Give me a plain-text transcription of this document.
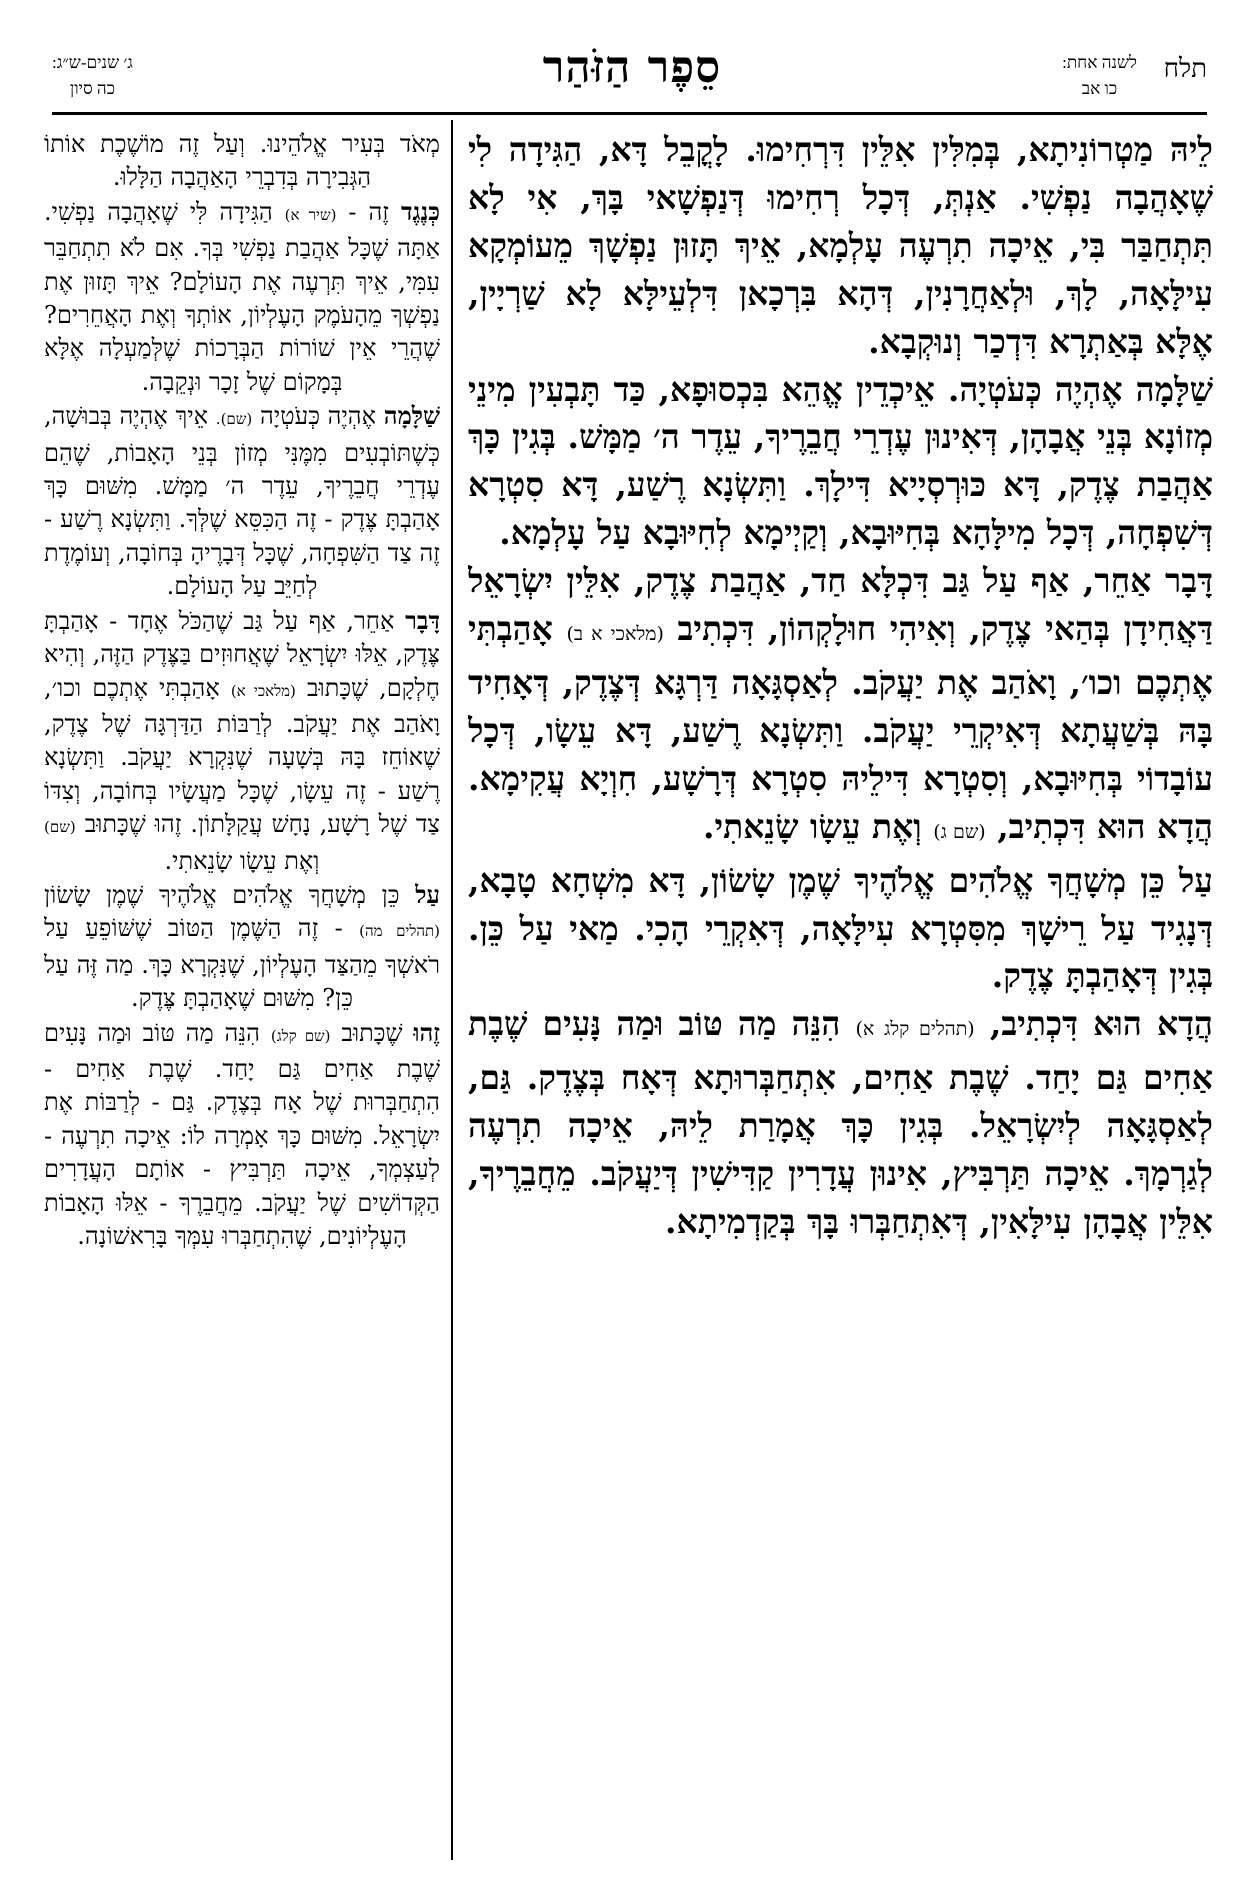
תלח
לשנה אחת:
כו אב
סֵפֶר הַזֹּהַר
ג׳ שנים-ש״ג:
כה סיון

לֵיהּ מַטְרוֹנִיתָא, בְּמִלִּין אִלֵּין דִּרְחִימוּ. לָקֳבֵל דָּא, הַגִּידָה לִי שֶׁאָהֲבָה נַפְשִׁי. אַנְתְּ, דְּכָל רְחִימוּ דְּנַפְשָׁאי בָּךְ, אִי לָא תִּתְחַבַּר בִּי, אֵיכָה תִרְעֶה עָלְמָא, אֵיךְ תָּזוּן נַפְשָׁךְ מֵעוֹמְקָא עִילָּאָה, לָךְ, וּלְאַחֲרָנִין, דְּהָא בִּרְכָאן דִּלְעֵילָּא לָא שַׁרְיָין, אֶלָּא בְּאַתְרָא דִּדְכַר וְנוּקְבָא.

שַׁלָּמָה אֶהְיֶה כְּעֹטְיָה. אֵיכְדֵין אֱהֵא בִּכְסוּפָא, כַּד תָּבְעִין מִינֵי מְזוֹנָא בְּנֵי אֲבָהָן, דְּאִינוּן עֶדְרֵי חֲבֵרֶיךָ, עֵדֶר ה׳ מַמָּשׁ. בְּגִין כָּךְ אַהֲבַת צֶדֶק, דָּא כּוּרְסְיָיא דִּילָךְ. וַתִּשְׂנָא רֶשַׁע, דָּא סִטְרָא דְּשִׁפְחָה, דְּכָל מִילָּהָא בְּחִיּוּבָא, וְקַיְימָא לְחִיּוּבָא עַל עָלְמָא.

דָּבָר אַחֵר, אַף עַל גַּב דִּכְלָּא חַד, אַהֲבַת צֶדֶק, אִלֵּין יִשְׂרָאֵל דַּאֲחִידָן בְּהַאי צֶדֶק, וְאִיהִי חוּלָקְהוֹן, דִּכְתִיב (מלאכי א ב) אָהַבְתִּי אֶתְכֶם וכו׳, וָאֹהַב אֶת יַעֲקֹב. לְאַסְגָּאָה דַּרְגָּא דְּצֶדֶק, דְּאָחִיד בָּהּ בְּשַׁעֲתָא דְּאִיקְרֵי יַעֲקֹב. וַתִּשְׂנָא רֶשַׁע, דָּא עֵשָׂו, דְּכָל עוֹבָדוֹי בְּחִיּוּבָא, וְסִטְרָא דִּילֵיהּ סִטְרָא דְּרָשָׁע, חִוְיָא עֲקִימָא. הֲדָא הוּא דִּכְתִיב, (שם ג) וְאֶת עֵשָׂו שָׂנֵאתִי.

עַל כֵּן מְשָׁחֲךָ אֱלֹהִים אֱלֹהֶיךָ שֶׁמֶן שָׂשׂוֹן, דָּא מִשְׁחָא טָבָא, דְּנָגִיד עַל רֵישָׁךְ מִסִּטְרָא עִילָּאָה, דְּאִקְרֵי הָכִי. מַאי עַל כֵּן. בְּגִין דְּאָהַבְתָּ צֶדֶק.

הֲדָא הוּא דִּכְתִיב, (תהלים קלג א) הִנֵּה מַה טּוֹב וּמַה נָּעִים שֶׁבֶת אַחִים גַּם יָחַד. שֶׁבֶת אַחִים, אִתְחַבְּרוּתָא דְּאָח בְּצֶדֶק. גַּם, לְאַסְגָּאָה לְיִשְׂרָאֵל. בְּגִין כָּךְ אֲמָרַת לֵיהּ, אֵיכָה תִרְעֶה לְגַרְמָךְ. אֵיכָה תַּרְבִּיץ, אִינוּן עֲדָרִין קַדִּישִׁין דְּיַעֲקֹב. מֵחֲבֵרֶיךָ, אִלֵּין אֲבָהָן עִילָּאִין, דְּאִתְחַבְּרוּ בָּךְ בְּקַדְמִיתָא.

מְאֹד בְּעִיר אֱלֹהֵינוּ. וְעַל זֶה מוֹשֶׁכֶת אוֹתוֹ הַגְּבִירָה בְּדִבְרֵי הָאַהֲבָה הַלָּלוּ.

כְּנֶגֶד זֶה - (שיר א) הַגִּידָה לִּי שֶׁאָהֲבָה נַפְשִׁי. אַתָּה שֶׁכָּל אַהֲבַת נַפְשִׁי בְּךָ. אִם לֹא תִתְחַבֵּר עִמִּי, אֵיךְ תִּרְעֶה אֶת הָעוֹלָם? אֵיךְ תָּזוּן אֶת נַפְשְׁךָ מֵהָעֹמֶק הָעֶלְיוֹן, אוֹתְךָ וְאֶת הָאֲחֵרִים? שֶׁהֲרֵי אֵין שׁוֹרוֹת הַבְּרָכוֹת שֶׁלְּמַעְלָה אֶלָּא בְּמָקוֹם שֶׁל זָכָר וּנְקֵבָה.

שַׁלָּמָה אֶהְיֶה כְּעֹטְיָה (שם). אֵיךְ אֶהְיֶה בְּבוּשָׁה, כְּשֶׁתּוֹבְעִים מִמֶּנִּי מְזוֹן בְּנֵי הָאָבוֹת, שֶׁהֵם עֶדְרֵי חֲבֵרֶיךָ, עֵדֶר ה׳ מַמָּשׁ. מִשּׁוּם כָּךְ אָהַבְתָּ צֶּדֶק - זֶה הַכִּסֵּא שֶׁלְּךָ. וַתִּשְׂנָא רֶשַׁע - זֶה צַד הַשִּׁפְחָה, שֶׁכָּל דְּבָרֶיהָ בְּחוֹבָה, וְעוֹמֶדֶת לְחַיֵּב עַל הָעוֹלָם.

דָּבָר אַחֵר, אַף עַל גַּב שֶׁהַכֹּל אֶחָד - אָהַבְתָּ צֶּדֶק, אֵלּוּ יִשְׂרָאֵל שֶׁאֲחוּזִים בַּצֶּדֶק הַזֶּה, וְהִיא חֶלְקָם, שֶׁכָּתוּב (מלאכי א) אָהַבְתִּי אֶתְכֶם וכו׳, וָאֹהַב אֶת יַעֲקֹב. לְרַבּוֹת הַדַּרְגָּה שֶׁל צֶדֶק, שֶׁאוֹחֵז בָּהּ בְּשָׁעָה שֶׁנִּקְרָא יַעֲקֹב. וַתִּשְׂנָא רֶשַׁע - זֶה עֵשָׂו, שֶׁכָּל מַעֲשָׂיו בְּחוֹבָה, וְצִדּוֹ צַד שֶׁל רָשָׁע, נָחָשׁ עֲקַלָּתוֹן. זֶהוּ שֶׁכָּתוּב (שם) וְאֶת עֵשָׂו שָׂנֵאתִי.

עַל כֵּן מְשָׁחֲךָ אֱלֹהִים אֱלֹהֶיךָ שֶׁמֶן שָׂשׂוֹן (תהלים מה) - זֶה הַשֶּׁמֶן הַטּוֹב שֶׁשּׁוֹפֵעַ עַל רֹאשְׁךָ מֵהַצַּד הָעֶלְיוֹן, שֶׁנִּקְרָא כָּךְ. מַה זֶּה עַל כֵּן? מִשּׁוּם שֶׁאָהַבְתָּ צֶּדֶק.

זֶהוּ שֶׁכָּתוּב (שם קלג) הִנֵּה מַה טּוֹב וּמַה נָּעִים שֶׁבֶת אַחִים גַּם יָחַד. שֶׁבֶת אַחִים - הִתְחַבְּרוּת שֶׁל אָח בְּצֶדֶק. גַּם - לְרַבּוֹת אֶת יִשְׂרָאֵל. מִשּׁוּם כָּךְ אָמְרָה לוֹ: אֵיכָה תִרְעֶה - לְעַצְמְךָ, אֵיכָה תַּרְבִּיץ - אוֹתָם הָעֲדָרִים הַקְּדוֹשִׁים שֶׁל יַעֲקֹב. מֵחֲבֵרֶךָ - אֵלּוּ הָאָבוֹת הָעֶלְיוֹנִים, שֶׁהִתְחַבְּרוּ עִמְּךָ בָּרִאשׁוֹנָה.
